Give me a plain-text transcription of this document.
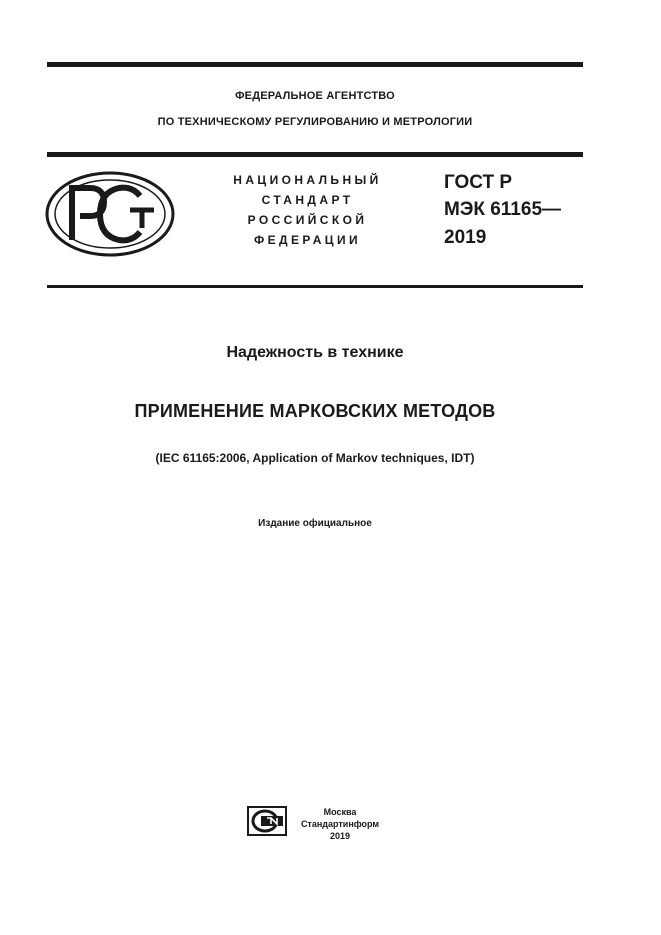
ФЕДЕРАЛЬНОЕ АГЕНТСТВО
ПО ТЕХНИЧЕСКОМУ РЕГУЛИРОВАНИЮ И МЕТРОЛОГИИ
НАЦИОНАЛЬНЫЙ
СТАНДАРТ
РОССИЙСКОЙ
ФЕДЕРАЦИИ
ГОСТ Р
МЭК 61165—
2019
Надежность в технике
ПРИМЕНЕНИЕ МАРКОВСКИХ МЕТОДОВ
(IEC 61165:2006, Application of Markov techniques, IDT)
Издание официальное
Москва
Стандартинформ
2019
